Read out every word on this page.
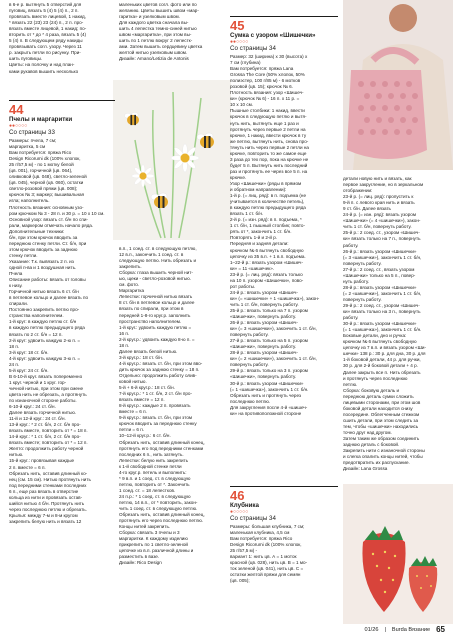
в 6-е р. вытянуть 5 отверстий для

пуговиц, вязать 5 (4) 5 (4) п., 2 п.

провязать вместе лицевой, 1 накид,

* вязать 22 (23) 23 (24) п., 2 п. про-

вязать вместе лицевой, 1 накид; по-

вторить от * до * 4 раза, вязать 5 (4)

5 (4) п. В следующем ряду накиды

провязывать согл. узору. Через 11

р. закрыть петли по рисунку. При-

шить пуговицы.

Цветы: на полочку и над план-

ками рукавов вышить несколько

маленьких цветов согл. фото или по

желанию. Цветы вышить швом «мар-

гаритка» и узелковым швом.

Для каждого цветка сначала вы-

шить 4 лепестка темно-синей нитью

швом «маргаритка», при этом вы-

шить по 1 петлю вокруг 2 лепестк-

ами. Затем вышить сердцевину цветка

желтой нитью узелковым швом.

Дизайн: Amano/Letizia de Antonis

44
Пчелы и маргаритки
●●○○○○
Со страницы 33

Размеры: пчела, 7 см;

маргаритка, 5 см

Вам потребуется: пряжа Rico

Design Ricorumi dk (100% хлопок,

25 г/57,5 м) - по 1 мотку белой

(цв. 001), горчичной (цв. 064),

оливковой (цв. 048), светло-зеленой

(цв. 045), черной (цв. 060), остатки

светло-розовой пряжи (цв. 008);

крючок № 3; маркер; вышивальная

игла; наполнитель.

Плотность вязания: основным узо-

ром крючком № 3 - 28 п. и 30 р. = 10 x 10 см.

Основной узор: вязать ст. б/н по спи-

рали, маркером отмечать начало ряда.

Дополнительные техники:

б/н, при этом крючок вводить за

переднюю стенку петли. Ст. б/н, при

этом крючок вводить за заднюю

стенку петли.

Указание: Т.к. вывязать 2 п. из

одной п-ва и 1 воздушная нить.

Пчела

Описание работы: вязать от головы

к низу.

Горчичной нитью вязать 6 ст. б/н

в петлевое кольцо и далее вязать по

спирали.

Постоянно закрепить петлю про-

странства наполнителем.

1-й круг: в каждую петлю ст. б/н

в каждую петлю предыдущего ряда

вязать по 2 ст. б/н = 12 п.

2-й круг: удвоить каждую 2-ю п. =

18 п.

3-й круг: 18 ст. б/н.

4-й круг: удвоить каждую 3-ю п. =

24 п.

5-й круг: 24 ст. б/н.

В 6-10-й круг. вязать попеременно

1 круг. черной и 1 круг. гор-

чичной нитью, при этом при смене

цвета нить не обрезать, а протянуть

по изнаночной стороне работы.

6-10-й круг.: 24 ст. б/н.

Далее вязать горчичной нитью.

11-й и 12-й круг.: 24 ст. б/н.

13-й круг.: * 2 ст. б/н, 2 ст. б/н про-

вязать вместе, повторить от * = 18 п.

14-й круг.: * 1 ст. б/н, 2 ст. б/н про-

вязать вместе; повторить от * = 12 п.

Желто: продолжить работу черной

нитью.

15-й круг.: провязывая каждые

2 п. вместе = 6 п.

Обрезать нить, оставив длинный ко-

нец (см. 15 см). Нитью протянуть нить

под передними стенками последних

6 п., еще раз вязать в отверстие

кольца из нити и провязать остав-

шийся нитью 4 б/н. Протянуть нить

через последнюю петлю и обрезать.

Крылья: между 7-м и 8-м кругом

закрепить белую нить и вязать 12

в.п., 1 соед. ст. в следующую петлю,

12 в.п., закончить 1 соед. ст. в

следующую петлю. Нить обрезать и

закрепить.

Сборка: глаза вышить черной нит-

ью, щеки - светло-розовой нитью.

см. фото.

Маргаритка

Лепестки: горчичной нитью вязать

8 ст. б/н в петлевое кольцо и далее

вязать по спирали, при этом в

передней 1-8-го круг.р. заполнить

пространство наполнителем.

1-й круг.: удвоить каждую петлю =

16 п.

2-й круг.р.: удвоить каждую 8-ю п. =

18 п.

Далее вязать белой нитью.

3-й круг.р.: 18 ст. б/н.

4-й круг.р.: вязать ст. б/н, при этом вво-

дить крючок за заднюю стенку = 18 п.

Отдельно: продолжить работу олив-

ковой нитью.

5-й + 6-й круг.р.: 18 ст. б/н.

7-й круг.р.: * 1 ст. б/н, 2 ст. б/н про-

вязать вместе = 12 п.

8-й круг.р.: каждые 2 п. провязать

вместе = 6 п.

9-й круг.р.: вязать ст. б/н, при этом

крючок вводить за переднюю стенку

петли = 6 п.

10–12-й круг.р.: 6 ст. б/н.

Обрезать нить, оставив длинный конец,

протянуть его под передними стенками

последних 6 п., нить затянуть.

Лепестки: белую нить закрепить

к 1-й свободной стенке петли

4-го круг.р. петель и выполнить:

* 9 в.п. и 1 соед. ст. в следующую

петлю, повторить от *. Закончить

1 соед. ст. = 18 лепестков.

24 п.р.: * 1 соед. ст. в следующую

петлю, 14 в.п., от * повторить, закон-

чить 1 соед. ст. в следующую петлю.

Обрезать нить, оставив длинный конец,

протянуть его через последнюю петлю.

Концы нитей закрепить.

Сборка: связать 3 пчелы и 3

маргаритки. К каждому изделию

прикрепить по 1 светло-зеленой

цепочке из в.п. различной длины и

разместить в вазе.

Дизайн: Rico Design

45
Сумка с узором «Шишечки»
●●○○○○
Со страницы 34

Размер: 32 (ширина) x 30 (высота) x

7 см (глубина)

Вам потребуется: пряжа Lana

Grossa The Core (50% хлопок, 50%

полиэстер, 100 г/85 м) - 6 мотков

розовой (цв. 15); крючок № 6.

Плотность вязания: узор «Шишеч-

ки» (крючок № 6) - 16 п. x 11 р. =

10 x 10 см.

Пышные столбики: 1 накид, ввести

крючок в следующую петлю и вытя-

нуть нить, вытянуть еще 1 раз и

протянуть через первые 2 петли на

крючке, 1 накид, ввести крючок в ту

же петлю, вытянуть нить, снова про-

тянуть нить через первые 2 петли на

крючке, повторить то же самое еще

3 раза до тех пор, пока на крючке не

будет 5 п. Вытянуть нить последний

раз и протянуть ее через все 5 п. на

крючке.

Узор «Шишечки» (ряды в прямом

и обратном направлении):

1-й р. (= лиц. ряд): в п. подъема (не

учитывается в количестве петель),

в каждую петлю предыдущего ряда

вязать 1 ст. б/н.

2-й р. (= изн. ряд): в п. подъема, *

1 ст. б/н, 1 пышный столбик; повто-

рять от *, закончить 1 ст. б/н.

Повторять 1-й и 2-й р.

Передняя и задняя детали:

крючком № 6 вытянуть свободную

цепочку из 35 в.п. + 1 в.п. подъема.

1–22-й р.: вязать узором «Шишеч-

ки» = 11 «шишечек».

23-й р. (= лиц. ряд): вязать только

на 10 п. узором «Шишечки», пово-

рот работы.

24-й р.: вязать узором «Шишеч-

ки» (= «шишечки» + 1 «шишечка»), закон-

чить 1 ст. б/н, повернуть работу.

25-й р.: вязать только на 7 п. узором

«Шишечки», повернуть работу.

26-й р.: вязать узором «Шишеч-

ки» (= 3 «шишечки»), закончить 1 ст. б/н,

повернуть работу.

27-й р.: вязать только на 5 п. узором

«Шишечки», повернуть работу.

28-й р.: вязать узором «Шишеч-

ки» (= 2 «шишечки»), закончить 1 ст. б/н,

повернуть работу.

29-й р.: вязать только на 3 п. узором

«Шишечки», повернуть работу.

30-й р.: вязать узором «Шишечки»

(= 1 «шишечка»), закончить 1 ст. б/н.

Обрезать нить и протянуть через

последнюю петлю.

Для закругления после 4-й «шишеч-

ки» на противоположной стороне

детали новую нить и вязать, как

первое закругление, но в зеркальном

отображении:

23-й р. (= лиц. ряд): пропустить к

9-й п. с левого края нить и вязать

9 ст. б/н. Далее вязать

24-й р. (= изн. ряд): вязать узором

«Шишечки» (= 4 «шишечки»), закон-

чить 1 ст. б/н, повернуть работу.

25-й р.: 2 соед. ст., узором «Шишеч-

ки» вязать только на 7 п., повернуть

работу.

26-й р.: вязать узором «Шишечки»

(= 3 «шишечки»), закончить 1 ст. б/н,

повернуть работу.

27-й р.: 2 соед. ст., вязать узором

«Шишечки» только на 5 п., повер-

нуть работу.

28-й р.: вязать узором «Шишечки»

(= 2 «шишечки»), закончить 1 ст. б/н,

повернуть работу.

29-й р.: 2 соед. ст., узором «Шишеч-

ки» вязать только на 3 п., повернуть

работу.

30-й р.: вязать узором «Шишечки»

(= 1 «шишечка»), закончить 1 ст. б/н.

Боковые детали, дно и ручка:

крючком № 6 вытянуть свободную

цепочку из 7 в.п. и вязать узором «Ши-

шечки» 138 р.: 30 р. для дна, 30 р. для

1-й боковой детали, 44 р. для ручки,

30 р. для 2-й боковой детали + 4 р.

Далее закрыть все п. Нить обрезать

и протянуть через последнюю

петлю.

Сборка: боковую деталь и

переднюю деталь сумки сложить

лицевыми сторонами, при этом шов

боковой детали находится снизу

посередине. Облегченным стежком

сшить детали, при этом следить за

тем, чтобы «шишечки» находились

точно друг над другом.

Затем таким же образом соединить

заднюю деталь с боковой.

Закрепить нити с изнаночной стороны

и слегка опалить концы нитей, чтобы

предотвратить их распускание.

Дизайн: Lana Grossa

46
Клубника
●○○○○○
Со страницы 34

Размеры: большая клубника, 7 см;

маленькая клубника, 4,5 см

Вам потребуется: пряжа Rico

Design Ricorumi dk (100% хлопок,

25 г/57,5 м) -

вариант 1: нить цв. А = 1 моток

красной (цв. 028), нить цв. В = 1 мо-

ток зеленой (цв. 041), нить цв. С =

остатки желтой пряжи для семян

(цв. 005);

01/26 | Burda Вязание 65
